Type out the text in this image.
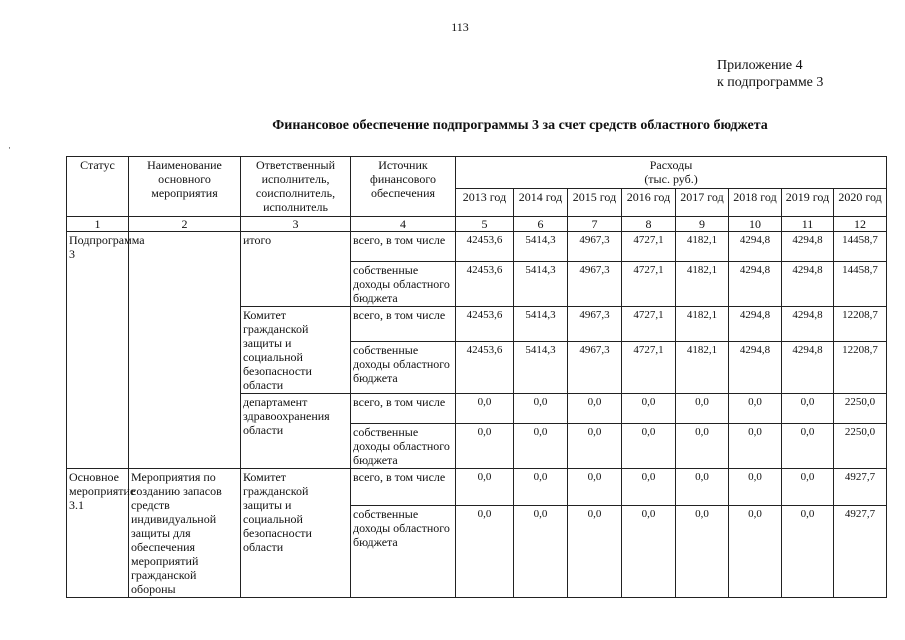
113
Приложение 4
к подпрограмме 3
Финансовое обеспечение подпрограммы 3 за счет средств областного бюджета
·
Статус	Наименование основного мероприятия	Ответственный исполнитель, соисполнитель, исполнитель	Источник финансового обеспечения	Расходы
(тыс. руб.)							

				2013 год	2014 год	2015 год	2016 год	2017 год	2018 год	2019 год	2020 год
1	2	3	4	5	6	7	8	9	10	11	12
Подпрограмма 3		итого	всего, в том числе	42453,6	5414,3	4967,3	4727,1	4182,1	4294,8	4294,8	14458,7
			собственные доходы областного бюджета	42453,6	5414,3	4967,3	4727,1	4182,1	4294,8	4294,8	14458,7
		Комитет гражданской защиты и социальной безопасности области	всего, в том числе	42453,6	5414,3	4967,3	4727,1	4182,1	4294,8	4294,8	12208,7
			собственные доходы областного бюджета	42453,6	5414,3	4967,3	4727,1	4182,1	4294,8	4294,8	12208,7
		департамент здравоохранения области	всего, в том числе	0,0	0,0	0,0	0,0	0,0	0,0	0,0	2250,0
			собственные доходы областного бюджета	0,0	0,0	0,0	0,0	0,0	0,0	0,0	2250,0
Основное мероприятие 3.1	Мероприятия по созданию запасов средств индивидуальной защиты для обеспечения мероприятий гражданской обороны	Комитет гражданской защиты и социальной безопасности области	всего, в том числе	0,0	0,0	0,0	0,0	0,0	0,0	0,0	4927,7
			собственные доходы областного бюджета	0,0	0,0	0,0	0,0	0,0	0,0	0,0	4927,7
